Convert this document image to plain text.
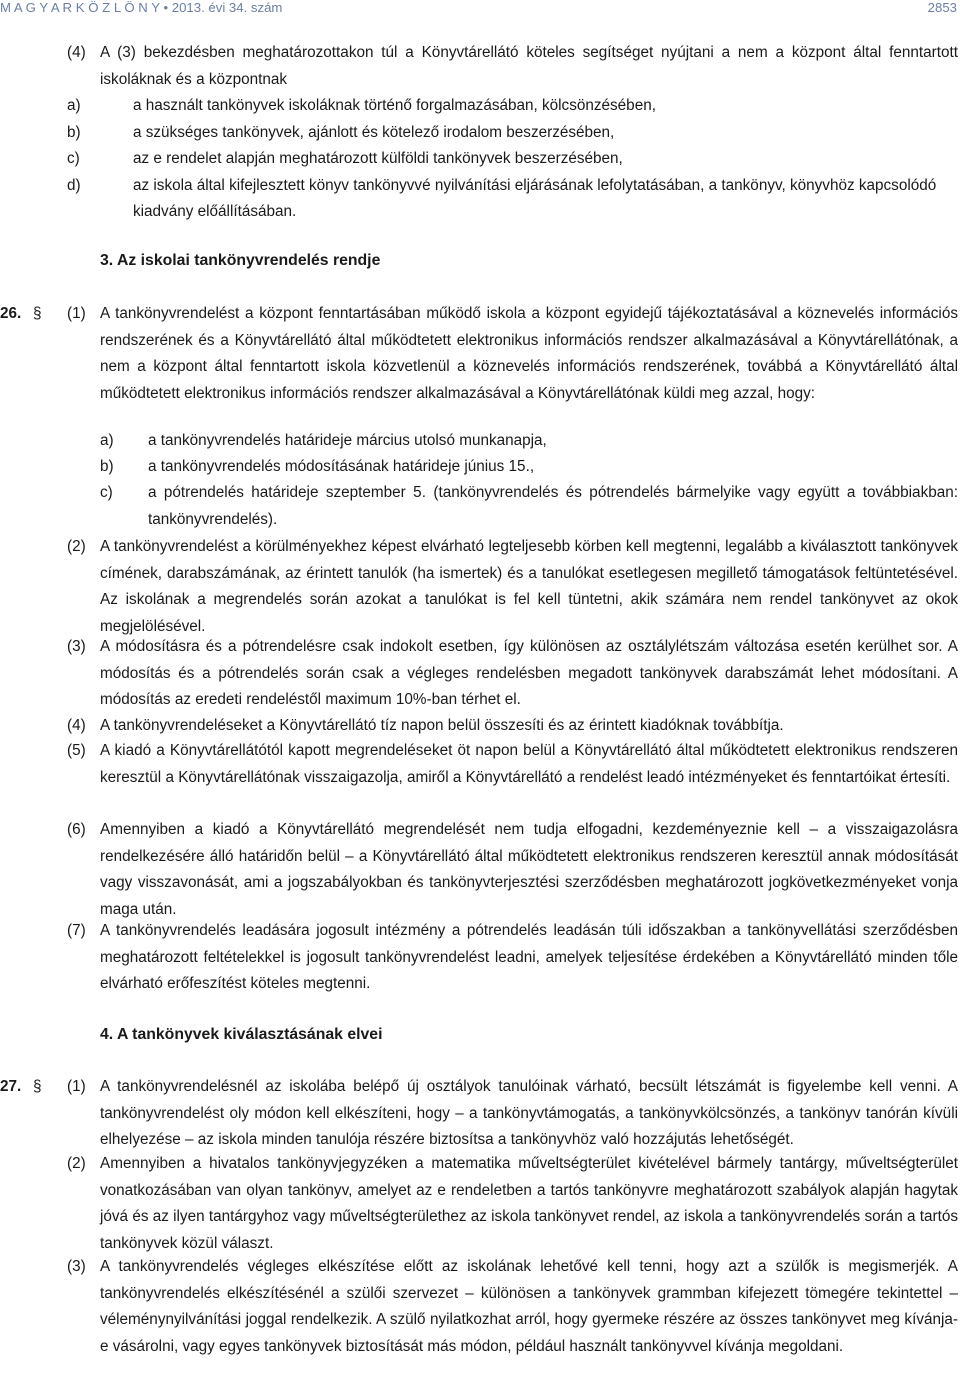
M A G Y A R K Ö Z L Ö N Y • 2013. évi 34. szám	2853
(4) A (3) bekezdésben meghatározottakon túl a Könyvtárellátó köteles segítséget nyújtani a nem a központ által fenntartott iskoláknak és a központnak
a)	a használt tankönyvek iskoláknak történő forgalmazásában, kölcsönzésében,
b)	a szükséges tankönyvek, ajánlott és kötelező irodalom beszerzésében,
c)	az e rendelet alapján meghatározott külföldi tankönyvek beszerzésében,
d)	az iskola által kifejlesztett könyv tankönyvvé nyilvánítási eljárásának lefolytatásában, a tankönyv, könyvhöz kapcsolódó kiadvány előállításában.
3. Az iskolai tankönyvrendelés rendje
26. § (1) A tankönyvrendelést a központ fenntartásában működő iskola a központ egyidejű tájékoztatásával a köznevelés információs rendszerének és a Könyvtárellátó által működtetett elektronikus információs rendszer alkalmazásával a Könyvtárellátónak, a nem a központ által fenntartott iskola közvetlenül a köznevelés információs rendszerének, továbbá a Könyvtárellátó által működtetett elektronikus információs rendszer alkalmazásával a Könyvtárellátónak küldi meg azzal, hogy:
a) a tankönyvrendelés határideje március utolsó munkanapja,
b) a tankönyvrendelés módosításának határideje június 15.,
c) a pótrendelés határideje szeptember 5. (tankönyvrendelés és pótrendelés bármelyike vagy együtt a továbbiakban: tankönyvrendelés).
(2) A tankönyvrendelést a körülményekhez képest elvárható legteljesebb körben kell megtenni, legalább a kiválasztott tankönyvek címének, darabszámának, az érintett tanulók (ha ismertek) és a tanulókat esetlegesen megillető támogatások feltüntetésével. Az iskolának a megrendelés során azokat a tanulókat is fel kell tüntetni, akik számára nem rendel tankönyvet az okok megjelölésével.
(3) A módosításra és a pótrendelésre csak indokolt esetben, így különösen az osztálylétszám változása esetén kerülhet sor. A módosítás és a pótrendelés során csak a végleges rendelésben megadott tankönyvek darabszámát lehet módosítani. A módosítás az eredeti rendeléstől maximum 10%-ban térhet el.
(4) A tankönyvrendeléseket a Könyvtárellátó tíz napon belül összesíti és az érintett kiadóknak továbbítja.
(5) A kiadó a Könyvtárellátótól kapott megrendeléseket öt napon belül a Könyvtárellátó által működtetett elektronikus rendszeren keresztül a Könyvtárellátónak visszaigazolja, amiről a Könyvtárellátó a rendelést leadó intézményeket és fenntartóikat értesíti.
(6) Amennyiben a kiadó a Könyvtárellátó megrendelését nem tudja elfogadni, kezdeményeznie kell – a visszaigazolásra rendelkezésére álló határidőn belül – a Könyvtárellátó által működtetett elektronikus rendszeren keresztül annak módosítását vagy visszavonását, ami a jogszabályokban és tankönyvterjesztési szerződésben meghatározott jogkövetkezményeket vonja maga után.
(7) A tankönyvrendelés leadására jogosult intézmény a pótrendelés leadásán túli időszakban a tankönyvellátási szerződésben meghatározott feltételekkel is jogosult tankönyvrendelést leadni, amelyek teljesítése érdekében a Könyvtárellátó minden tőle elvárható erőfeszítést köteles megtenni.
4. A tankönyvek kiválasztásának elvei
27. § (1) A tankönyvrendelésnél az iskolába belépő új osztályok tanulóinak várható, becsült létszámát is figyelembe kell venni. A tankönyvrendelést oly módon kell elkészíteni, hogy – a tankönyvtámogatás, a tankönyvkölcsönzés, a tankönyv tanórán kívüli elhelyezése – az iskola minden tanulója részére biztosítsa a tankönyvhöz való hozzájutás lehetőségét.
(2) Amennyiben a hivatalos tankönyvjegyzéken a matematika műveltségterület kivételével bármely tantárgy, műveltségterület vonatkozásában van olyan tankönyv, amelyet az e rendeletben a tartós tankönyvre meghatározott szabályok alapján hagytak jóvá és az ilyen tantárgyhoz vagy műveltségterülethez az iskola tankönyvet rendel, az iskola a tankönyvrendelés során a tartós tankönyvek közül választ.
(3) A tankönyvrendelés végleges elkészítése előtt az iskolának lehetővé kell tenni, hogy azt a szülők is megismerjék. A tankönyvrendelés elkészítésénél a szülői szervezet – különösen a tankönyvek grammban kifejezett tömegére tekintettel – véleménynyilvánítási joggal rendelkezik. A szülő nyilatkozhat arról, hogy gyermeke részére az összes tankönyvet meg kívánja-e vásárolni, vagy egyes tankönyvek biztosítását más módon, például használt tankönyvvel kívánja megoldani.
